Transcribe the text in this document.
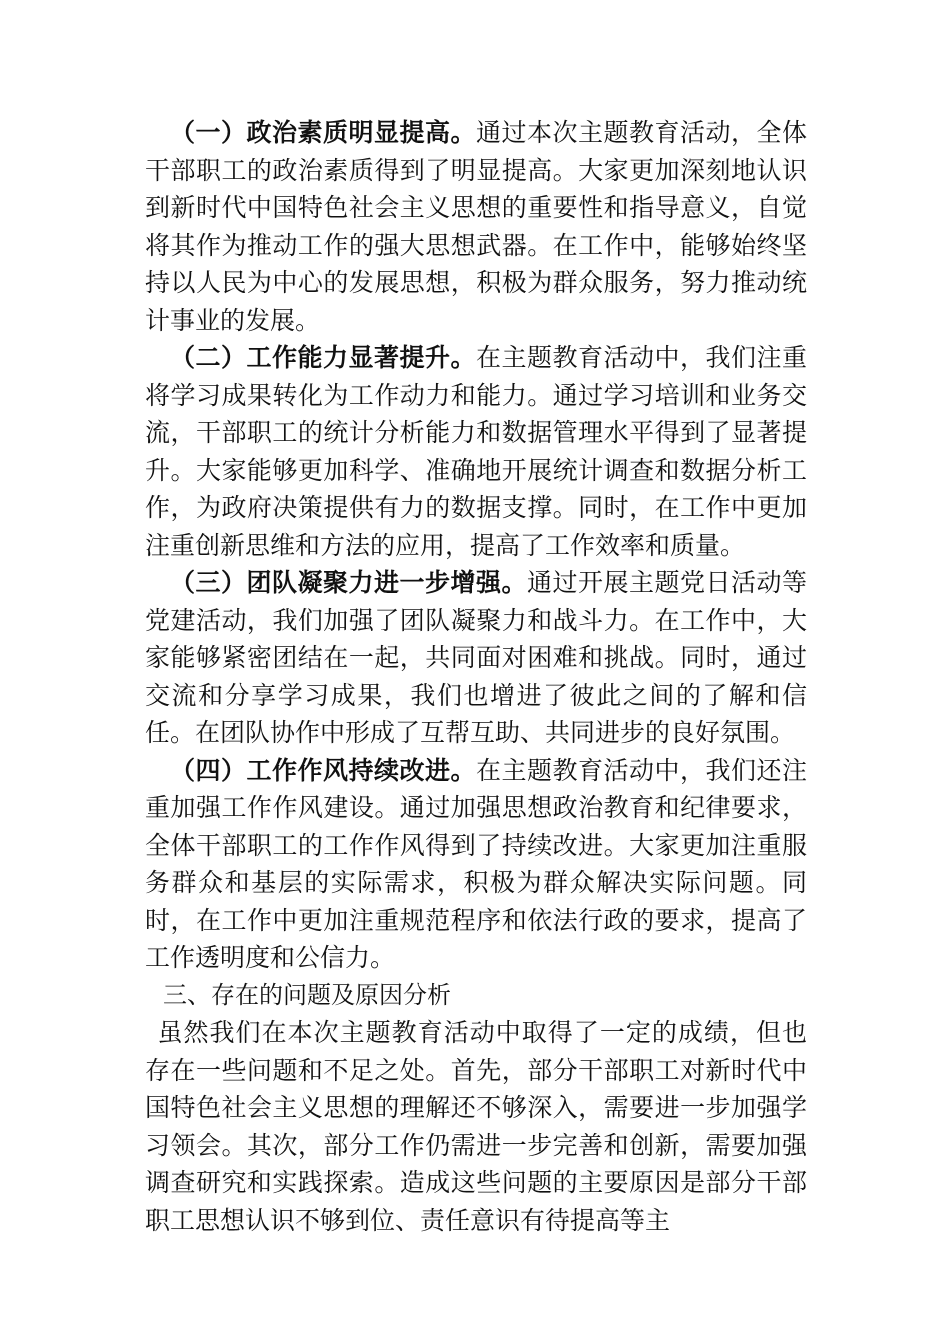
（一）政治素质明显提高。通过本次主题教育活动，全体干部职工的政治素质得到了明显提高。大家更加深刻地认识到新时代中国特色社会主义思想的重要性和指导意义，自觉将其作为推动工作的强大思想武器。在工作中，能够始终坚持以人民为中心的发展思想，积极为群众服务，努力推动统计事业的发展。

（二）工作能力显著提升。在主题教育活动中，我们注重将学习成果转化为工作动力和能力。通过学习培训和业务交流，干部职工的统计分析能力和数据管理水平得到了显著提升。大家能够更加科学、准确地开展统计调查和数据分析工作，为政府决策提供有力的数据支撑。同时，在工作中更加注重创新思维和方法的应用，提高了工作效率和质量。

（三）团队凝聚力进一步增强。通过开展主题党日活动等党建活动，我们加强了团队凝聚力和战斗力。在工作中，大家能够紧密团结在一起，共同面对困难和挑战。同时，通过交流和分享学习成果，我们也增进了彼此之间的了解和信任。在团队协作中形成了互帮互助、共同进步的良好氛围。

（四）工作作风持续改进。在主题教育活动中，我们还注重加强工作作风建设。通过加强思想政治教育和纪律要求，全体干部职工的工作作风得到了持续改进。大家更加注重服务群众和基层的实际需求，积极为群众解决实际问题。同时，在工作中更加注重规范程序和依法行政的要求，提高了工作透明度和公信力。

三、存在的问题及原因分析

虽然我们在本次主题教育活动中取得了一定的成绩，但也存在一些问题和不足之处。首先，部分干部职工对新时代中国特色社会主义思想的理解还不够深入，需要进一步加强学习领会。其次，部分工作仍需进一步完善和创新，需要加强调查研究和实践探索。造成这些问题的主要原因是部分干部职工思想认识不够到位、责任意识有待提高等主
